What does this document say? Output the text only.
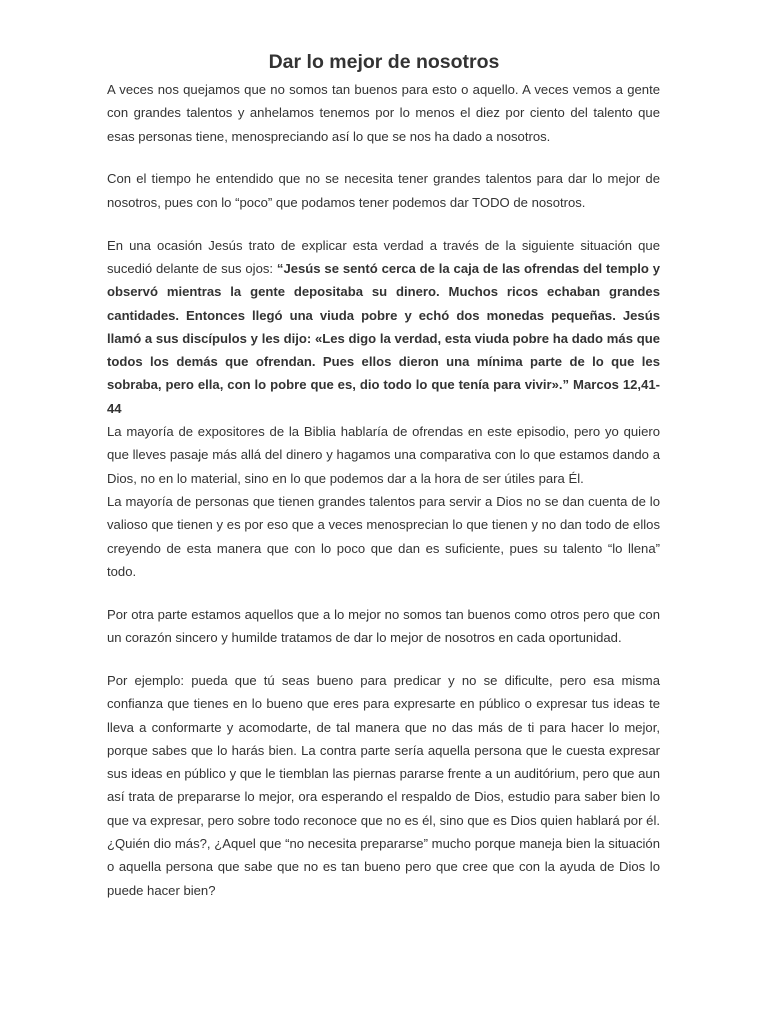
Dar lo mejor de nosotros

A veces nos quejamos que no somos tan buenos para esto o aquello. A veces vemos a gente con grandes talentos y anhelamos tenemos por lo menos el diez por ciento del talento que esas personas tiene, menospreciando así lo que se nos ha dado a nosotros.

Con el tiempo he entendido que no se necesita tener grandes talentos para dar lo mejor de nosotros, pues con lo “poco” que podamos tener podemos dar TODO de nosotros.

En una ocasión Jesús trato de explicar esta verdad a través de la siguiente situación que sucedió delante de sus ojos: “Jesús se sentó cerca de la caja de las ofrendas del templo y observó mientras la gente depositaba su dinero. Muchos ricos echaban grandes cantidades. Entonces llegó una viuda pobre y echó dos monedas pequeñas. Jesús llamó a sus discípulos y les dijo: «Les digo la verdad, esta viuda pobre ha dado más que todos los demás que ofrendan. Pues ellos dieron una mínima parte de lo que les sobraba, pero ella, con lo pobre que es, dio todo lo que tenía para vivir».” Marcos 12,41-44

La mayoría de expositores de la Biblia hablaría de ofrendas en este episodio, pero yo quiero que lleves pasaje más allá del dinero y hagamos una comparativa con lo que estamos dando a Dios, no en lo material, sino en lo que podemos dar a la hora de ser útiles para Él.

La mayoría de personas que tienen grandes talentos para servir a Dios no se dan cuenta de lo valioso que tienen y es por eso que a veces menosprecian lo que tienen y no dan todo de ellos creyendo de esta manera que con lo poco que dan es suficiente, pues su talento “lo llena” todo.

Por otra parte estamos aquellos que a lo mejor no somos tan buenos como otros pero que con un corazón sincero y humilde tratamos de dar lo mejor de nosotros en cada oportunidad.

Por ejemplo: pueda que tú seas bueno para predicar y no se dificulte, pero esa misma confianza que tienes en lo bueno que eres para expresarte en público o expresar tus ideas te lleva a conformarte y acomodarte, de tal manera que no das más de ti para hacer lo mejor, porque sabes que lo harás bien. La contra parte sería aquella persona que le cuesta expresar sus ideas en público y que le tiemblan las piernas pararse frente a un auditórium, pero que aun así trata de prepararse lo mejor, ora esperando el respaldo de Dios, estudio para saber bien lo que va expresar, pero sobre todo reconoce que no es él, sino que es Dios quien hablará por él. ¿Quién dio más?, ¿Aquel que “no necesita prepararse” mucho porque maneja bien la situación o aquella persona que sabe que no es tan bueno pero que cree que con la ayuda de Dios lo puede hacer bien?
